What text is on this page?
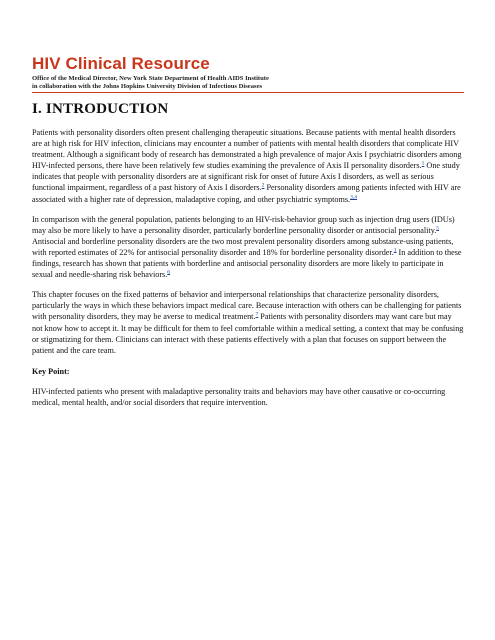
HIV Clinical Resource
Office of the Medical Director, New York State Department of Health AIDS Institute
in collaboration with the Johns Hopkins University Division of Infectious Diseases
I. INTRODUCTION

Patients with personality disorders often present challenging therapeutic situations. Because patients with mental health disorders are at high risk for HIV infection, clinicians may encounter a number of patients with mental health disorders that complicate HIV treatment. Although a significant body of research has demonstrated a high prevalence of major Axis I psychiatric disorders among HIV-infected persons, there have been relatively few studies examining the prevalence of Axis II personality disorders.$^1$ One study indicates that people with personality disorders are at significant risk for onset of future Axis I disorders, as well as serious functional impairment, regardless of a past history of Axis I disorders.$^2$ Personality disorders among patients infected with HIV are associated with a higher rate of depression, maladaptive coping, and other psychiatric symptoms.$^{3,4}$

In comparison with the general population, patients belonging to an HIV-risk-behavior group such as injection drug users (IDUs) may also be more likely to have a personality disorder, particularly borderline personality disorder or antisocial personality.$^5$ Antisocial and borderline personality disorders are the two most prevalent personality disorders among substance-using patients, with reported estimates of 22% for antisocial personality disorder and 18% for borderline personality disorder.$^1$ In addition to these findings, research has shown that patients with borderline and antisocial personality disorders are more likely to participate in sexual and needle-sharing risk behaviors.$^6$

This chapter focuses on the fixed patterns of behavior and interpersonal relationships that characterize personality disorders, particularly the ways in which these behaviors impact medical care. Because interaction with others can be challenging for patients with personality disorders, they may be averse to medical treatment.$^7$ Patients with personality disorders may want care but may not know how to accept it. It may be difficult for them to feel comfortable within a medical setting, a context that may be confusing or stigmatizing for them. Clinicians can interact with these patients effectively with a plan that focuses on support between the patient and the care team.

Key Point:

HIV-infected patients who present with maladaptive personality traits and behaviors may have other causative or co-occurring medical, mental health, and/or social disorders that require intervention.
